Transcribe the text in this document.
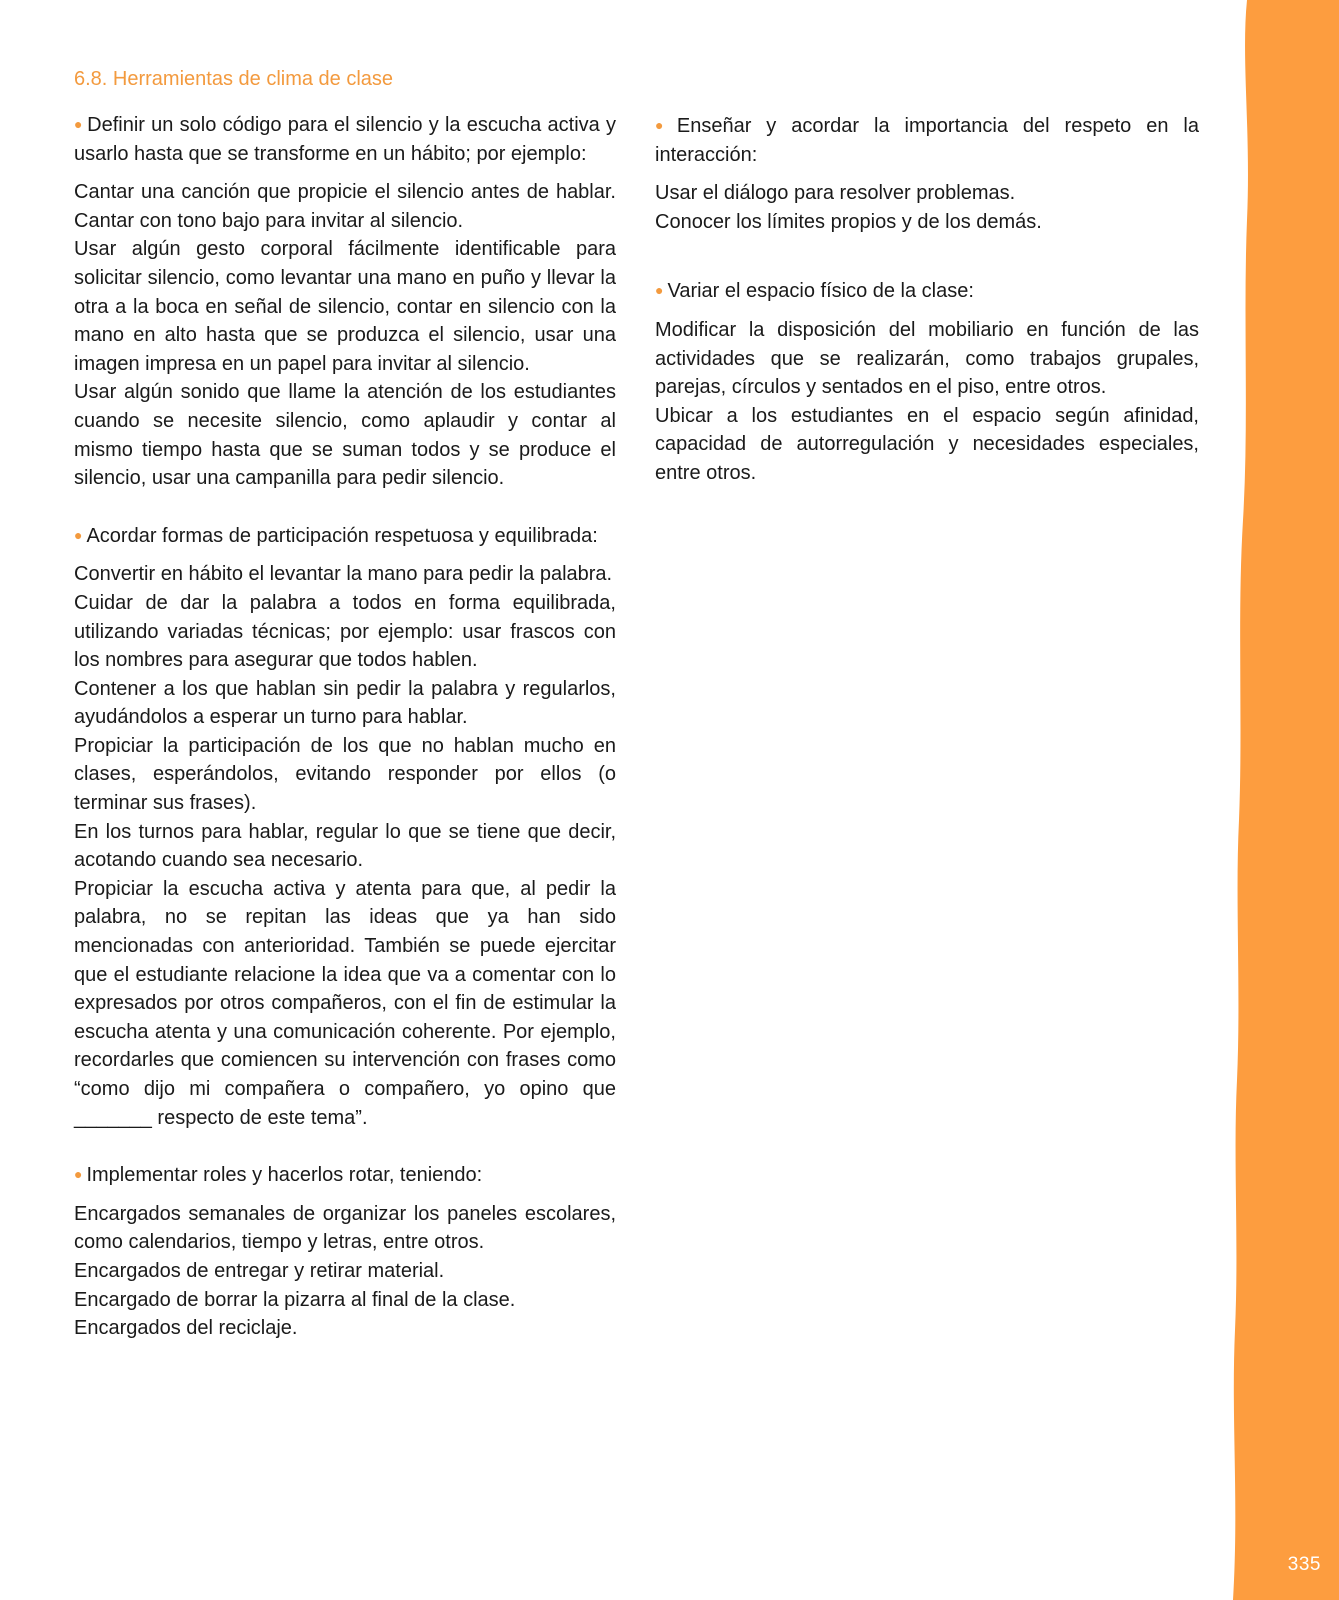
335
6.8. Herramientas de clima de clase

● Definir un solo código para el silencio y la escucha activa y usarlo hasta que se transforme en un hábito; por ejemplo:

Cantar una canción que propicie el silencio antes de hablar. Cantar con tono bajo para invitar al silencio.

Usar algún gesto corporal fácilmente identificable para solicitar silencio, como levantar una mano en puño y llevar la otra a la boca en señal de silencio, contar en silencio con la mano en alto hasta que se produzca el silencio, usar una imagen impresa en un papel para invitar al silencio.

Usar algún sonido que llame la atención de los estudiantes cuando se necesite silencio, como aplaudir y contar al mismo tiempo hasta que se suman todos y se produce el silencio, usar una campanilla para pedir silencio.

● Acordar formas de participación respetuosa y equilibrada:

Convertir en hábito el levantar la mano para pedir la palabra.

Cuidar de dar la palabra a todos en forma equilibrada, utilizando variadas técnicas; por ejemplo: usar frascos con los nombres para asegurar que todos hablen.

Contener a los que hablan sin pedir la palabra y regularlos, ayudándolos a esperar un turno para hablar.

Propiciar la participación de los que no hablan mucho en clases, esperándolos, evitando responder por ellos (o terminar sus frases).

En los turnos para hablar, regular lo que se tiene que decir, acotando cuando sea necesario.

Propiciar la escucha activa y atenta para que, al pedir la palabra, no se repitan las ideas que ya han sido mencionadas con anterioridad. También se puede ejercitar que el estudiante relacione la idea que va a comentar con lo expresados por otros compañeros, con el fin de estimular la escucha atenta y una comunicación coherente. Por ejemplo, recordarles que comiencen su intervención con frases como “como dijo mi compañera o compañero, yo opino que _______ respecto de este tema”.

● Implementar roles y hacerlos rotar, teniendo:

Encargados semanales de organizar los paneles escolares, como calendarios, tiempo y letras, entre otros.

Encargados de entregar y retirar material.

Encargado de borrar la pizarra al final de la clase.

Encargados del reciclaje.

● Enseñar y acordar la importancia del respeto en la interacción:

Usar el diálogo para resolver problemas.

Conocer los límites propios y de los demás.

● Variar el espacio físico de la clase:

Modificar la disposición del mobiliario en función de las actividades que se realizarán, como trabajos grupales, parejas, círculos y sentados en el piso, entre otros.

Ubicar a los estudiantes en el espacio según afinidad, capacidad de autorregulación y necesidades especiales, entre otros.
